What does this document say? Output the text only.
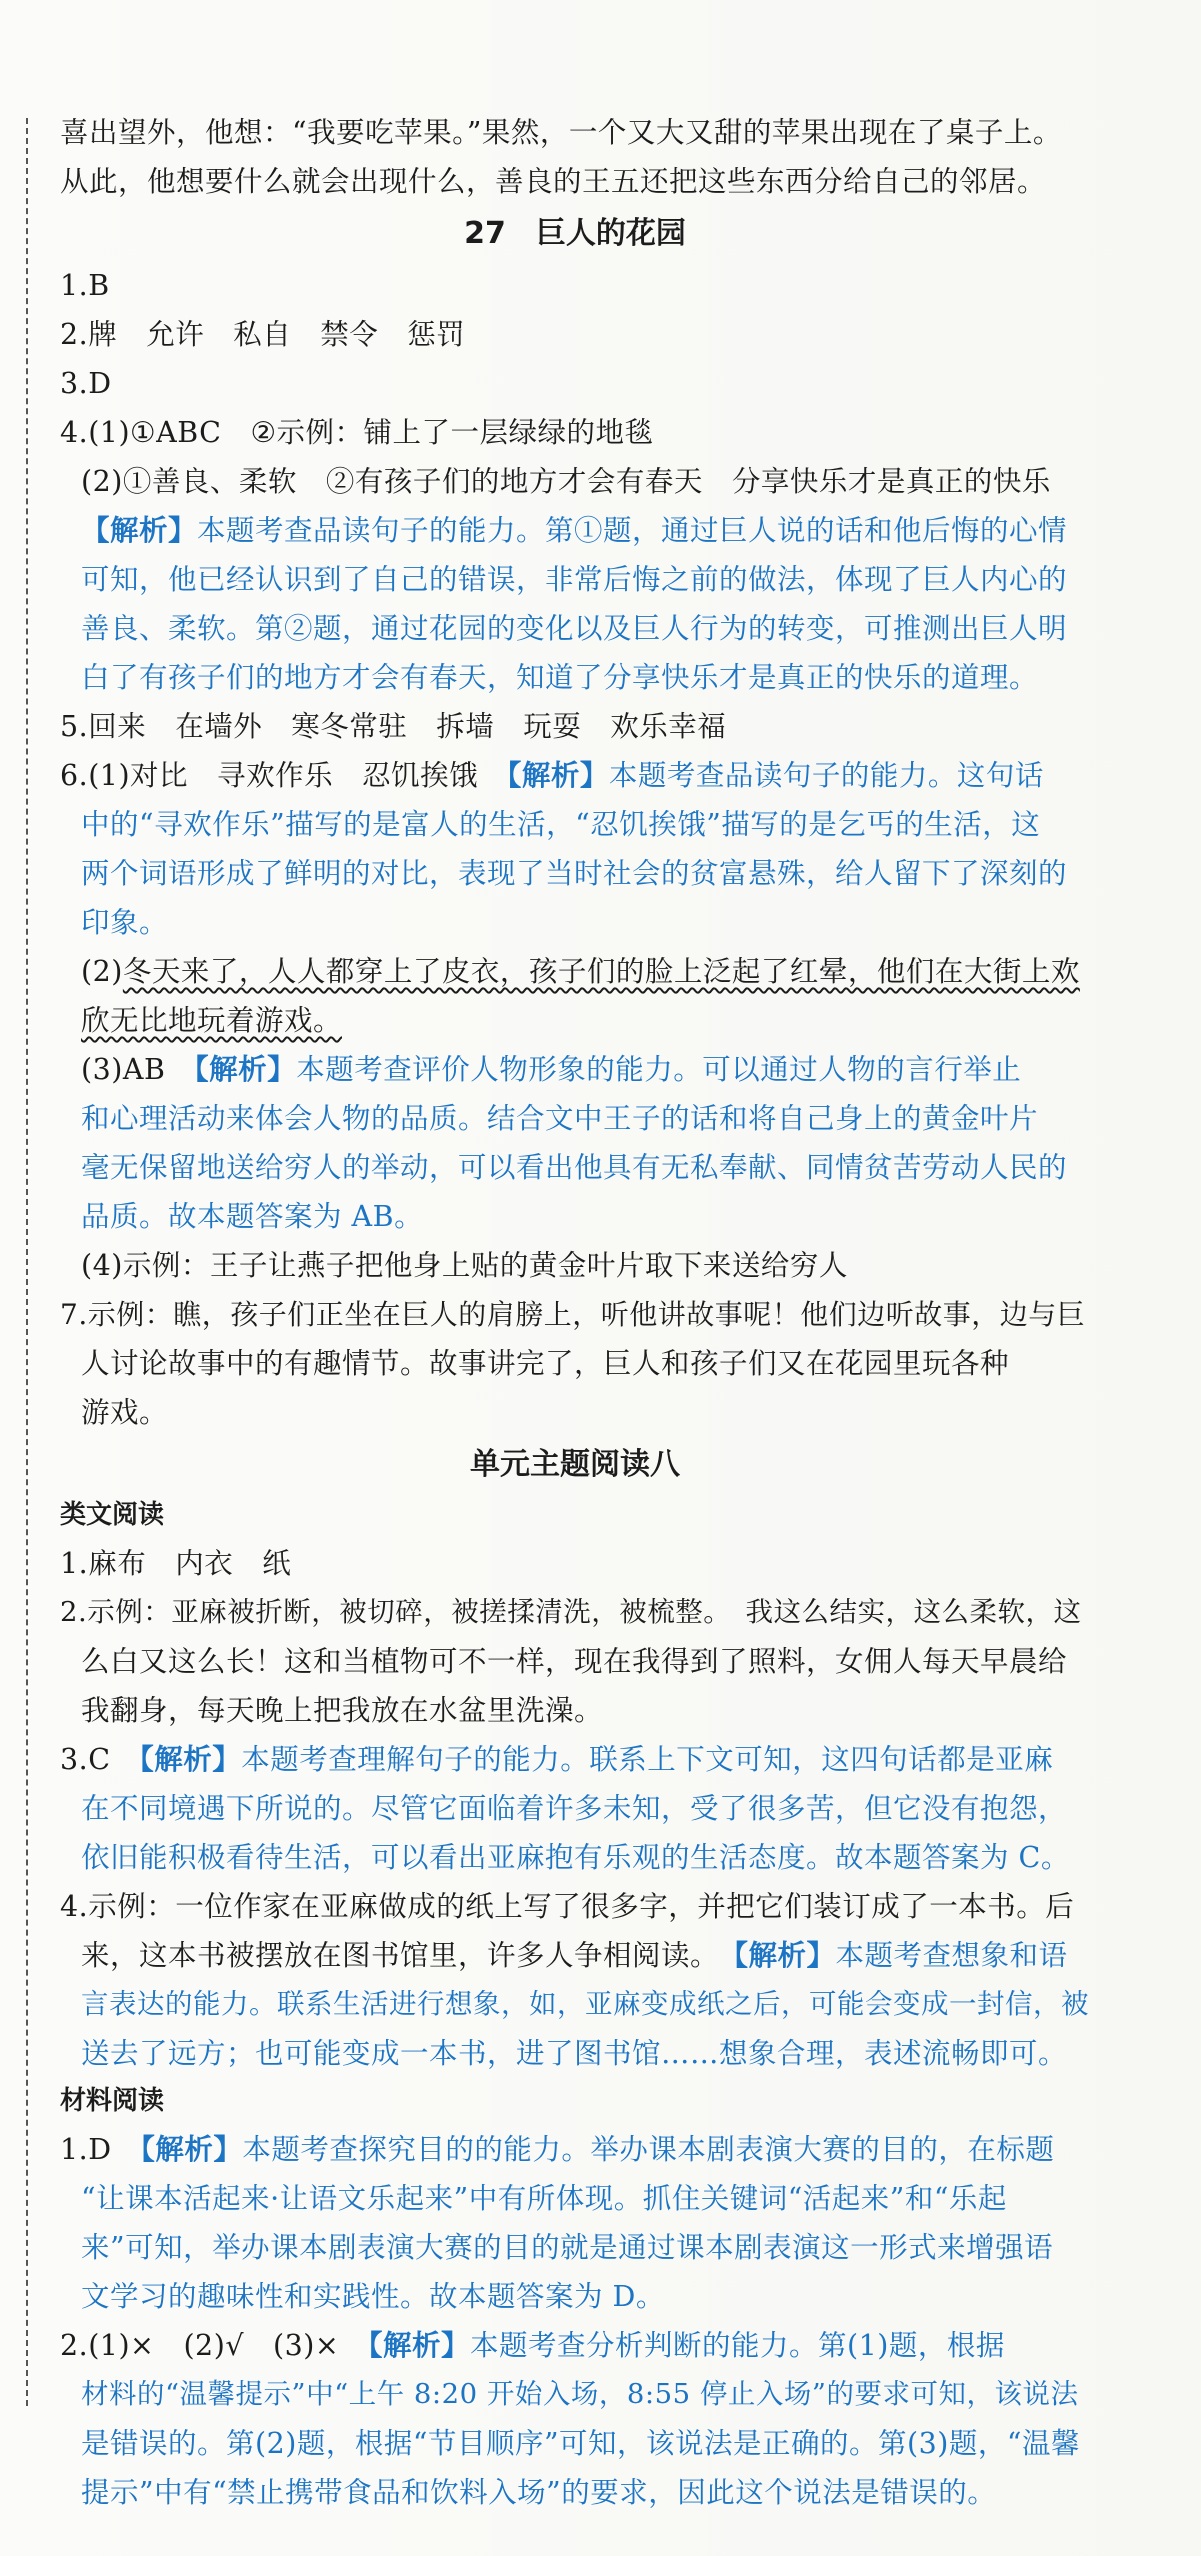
喜出望外，他想：“我要吃苹果。”果然，一个又大又甜的苹果出现在了桌子上。
从此，他想要什么就会出现什么，善良的王五还把这些东西分给自己的邻居。
27　巨人的花园
1.B
2.牌　允许　私自　禁令　惩罚
3.D
4.(1)①ABC　②示例：铺上了一层绿绿的地毯
(2)①善良、柔软　②有孩子们的地方才会有春天　分享快乐才是真正的快乐
【解析】本题考查品读句子的能力。第①题，通过巨人说的话和他后悔的心情
可知，他已经认识到了自己的错误，非常后悔之前的做法，体现了巨人内心的
善良、柔软。第②题，通过花园的变化以及巨人行为的转变，可推测出巨人明
白了有孩子们的地方才会有春天，知道了分享快乐才是真正的快乐的道理。
5.回来　在墙外　寒冬常驻　拆墙　玩耍　欢乐幸福
6.(1)对比　寻欢作乐　忍饥挨饿　 【解析】本题考查品读句子的能力。这句话
中的“寻欢作乐”描写的是富人的生活，“忍饥挨饿”描写的是乞丐的生活，这
两个词语形成了鲜明的对比，表现了当时社会的贫富悬殊，给人留下了深刻的
印象。
(2)冬天来了，人人都穿上了皮衣，孩子们的脸上泛起了红晕，他们在大街上欢
欣无比地玩着游戏。
(3)AB　 【解析】本题考查评价人物形象的能力。可以通过人物的言行举止
和心理活动来体会人物的品质。结合文中王子的话和将自己身上的黄金叶片
毫无保留地送给穷人的举动，可以看出他具有无私奉献、同情贫苦劳动人民的
品质。故本题答案为 AB。
(4)示例：王子让燕子把他身上贴的黄金叶片取下来送给穷人
7.示例：瞧，孩子们正坐在巨人的肩膀上，听他讲故事呢！他们边听故事，边与巨
人讨论故事中的有趣情节。故事讲完了，巨人和孩子们又在花园里玩各种
游戏。
单元主题阅读八
类文阅读
1.麻布　内衣　纸
2.示例：亚麻被折断，被切碎，被搓揉清洗，被梳整。　我这么结实，这么柔软，这
么白又这么长！这和当植物可不一样，现在我得到了照料，女佣人每天早晨给
我翻身，每天晚上把我放在水盆里洗澡。
3.C　 【解析】本题考查理解句子的能力。联系上下文可知，这四句话都是亚麻
在不同境遇下所说的。尽管它面临着许多未知，受了很多苦，但它没有抱怨，
依旧能积极看待生活，可以看出亚麻抱有乐观的生活态度。故本题答案为 C。
4.示例：一位作家在亚麻做成的纸上写了很多字，并把它们装订成了一本书。后
来，这本书被摆放在图书馆里，许多人争相阅读。　 【解析】本题考查想象和语
言表达的能力。联系生活进行想象，如，亚麻变成纸之后，可能会变成一封信，被
送去了远方；也可能变成一本书，进了图书馆……想象合理，表述流畅即可。
材料阅读
1.D　 【解析】本题考查探究目的的能力。举办课本剧表演大赛的目的，在标题
“让课本活起来·让语文乐起来”中有所体现。抓住关键词“活起来”和“乐起
来”可知，举办课本剧表演大赛的目的就是通过课本剧表演这一形式来增强语
文学习的趣味性和实践性。故本题答案为 D。
2.(1)×　(2)√　(3)×　 【解析】本题考查分析判断的能力。第(1)题，根据
材料的“温馨提示”中“上午 8:20 开始入场，8:55 停止入场”的要求可知，该说法
是错误的。第(2)题，根据“节目顺序”可知，该说法是正确的。第(3)题，“温馨
提示”中有“禁止携带食品和饮料入场”的要求，因此这个说法是错误的。
